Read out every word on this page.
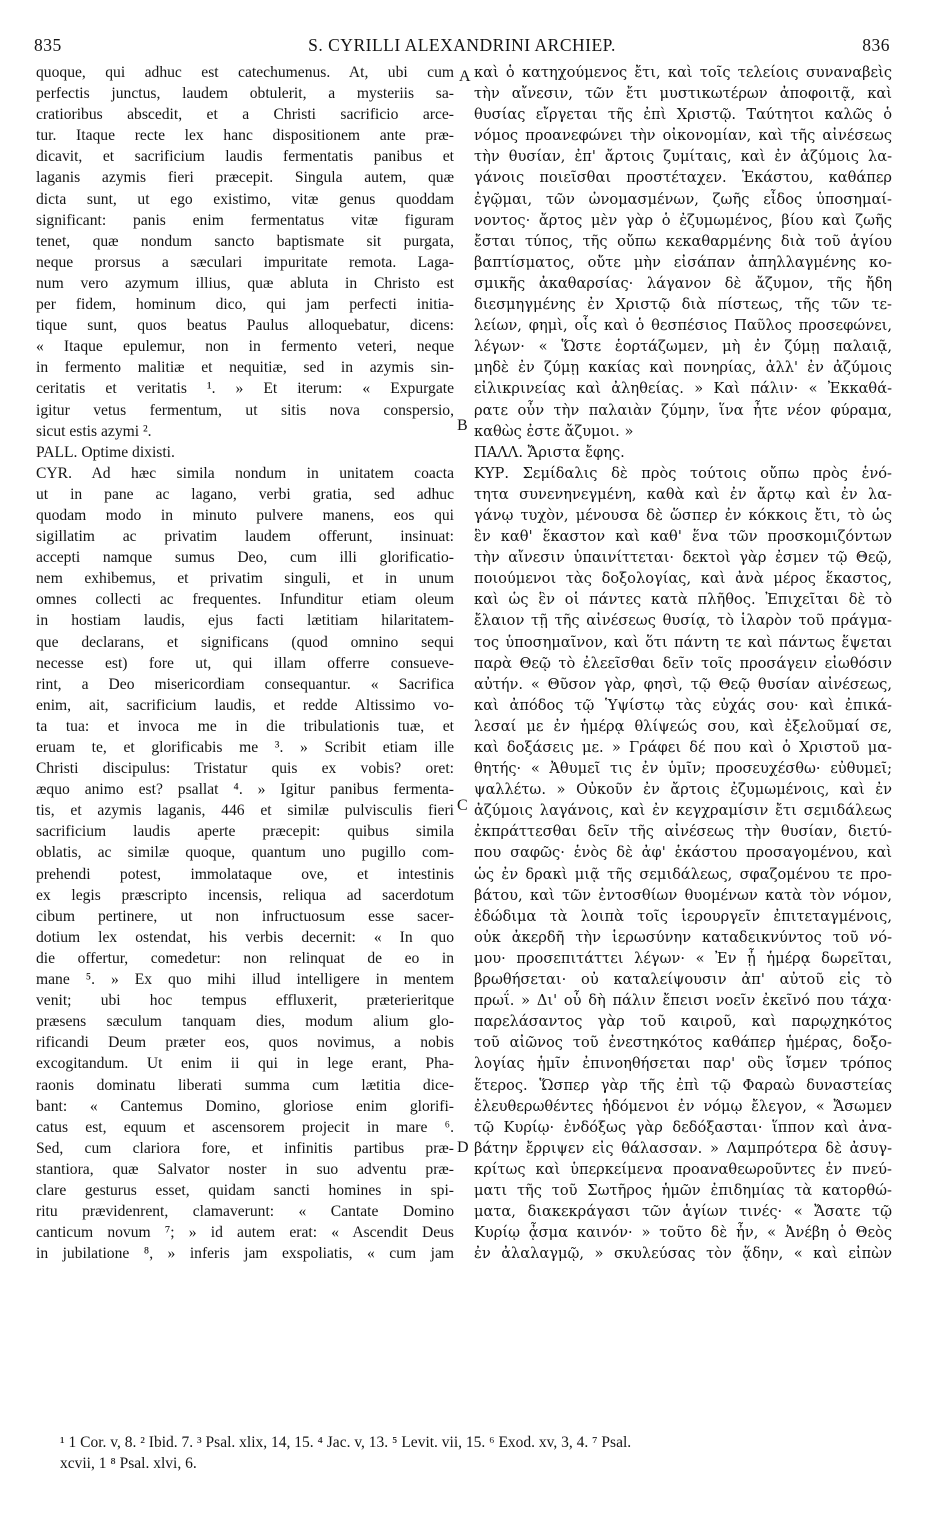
835	S. CYRILLI ALEXANDRINI ARCHIEP.	836

quoque, qui adhuc est catechumenus. At, ubi cum

perfectis junctus, laudem obtulerit, a mysteriis sa-

cratioribus abscedit, et a Christi sacrificio arce-

tur. Itaque recte lex hanc dispositionem ante præ-

dicavit, et sacrificium laudis fermentatis panibus et

laganis azymis fieri præcepit. Singula autem, quæ

dicta sunt, ut ego existimo, vitæ genus quoddam

significant: panis enim fermentatus vitæ figuram

tenet, quæ nondum sancto baptismate sit purgata,

neque prorsus a sæculari impuritate remota. Laga-

num vero azymum illius, quæ abluta in Christo est

per fidem, hominum dico, qui jam perfecti initia-

tique sunt, quos beatus Paulus alloquebatur, dicens:

« Itaque epulemur, non in fermento veteri, neque

in fermento malitiæ et nequitiæ, sed in azymis sin-

ceritatis et veritatis ¹. » Et iterum: « Expurgate

igitur vetus fermentum, ut sitis nova conspersio,

sicut estis azymi ².

PALL. Optime dixisti.

CYR. Ad hæc simila nondum in unitatem coacta

ut in pane ac lagano, verbi gratia, sed adhuc

quodam modo in minuto pulvere manens, eos qui

sigillatim ac privatim laudem offerunt, insinuat:

accepti namque sumus Deo, cum illi glorificatio-

nem exhibemus, et privatim singuli, et in unum

omnes collecti ac frequentes. Infunditur etiam oleum

in hostiam laudis, ejus facti lætitiam hilaritatem-

que declarans, et significans (quod omnino sequi

necesse est) fore ut, qui illam offerre consueve-

rint, a Deo misericordiam consequantur. « Sacrifica

enim, ait, sacrificium laudis, et redde Altissimo vo-

ta tua: et invoca me in die tribulationis tuæ, et

eruam te, et glorificabis me ³. » Scribit etiam ille

Christi discipulus: Tristatur quis ex vobis? oret:

æquo animo est? psallat ⁴. » Igitur panibus fermenta-

tis, et azymis laganis, 446 et similæ pulvisculis fieri

sacrificium laudis aperte præcepit: quibus simila

oblatis, ac similæ quoque, quantum uno pugillo com-

prehendi potest, immolataque ove, et intestinis

ex legis præscripto incensis, reliqua ad sacerdotum

cibum pertinere, ut non infructuosum esse sacer-

dotium lex ostendat, his verbis decernit: « In quo

die offertur, comedetur: non relinquat de eo in

mane ⁵. » Ex quo mihi illud intelligere in mentem

venit; ubi hoc tempus effluxerit, præterieritque

præsens sæculum tanquam dies, modum alium glo-

rificandi Deum præter eos, quos novimus, a nobis

excogitandum. Ut enim ii qui in lege erant, Pha-

raonis dominatu liberati summa cum lætitia dice-

bant: « Cantemus Domino, gloriose enim glorifi-

catus est, equum et ascensorem projecit in mare ⁶.

Sed, cum clariora fore, et infinitis partibus præ-

stantiora, quæ Salvator noster in suo adventu præ-

clare gesturus esset, quidam sancti homines in spi-

ritu prævidenrent, clamaverunt: « Cantate Domino

canticum novum ⁷; » id autem erat: « Ascendit Deus

in jubilatione ⁸, » inferis jam exspoliatis, « cum jam

καὶ ὁ κατηχούμενος ἔτι, καὶ τοῖς τελείοις συναναβεὶς

τὴν αἴνεσιν, τῶν ἔτι μυστικωτέρων ἀποφοιτᾷ, καὶ

θυσίας εἴργεται τῆς ἐπὶ Χριστῷ. Ταύτητοι καλῶς ὁ

νόμος προανεφώνει τὴν οἰκονομίαν, καὶ τῆς αἰνέσεως

τὴν θυσίαν, ἐπ' ἄρτοις ζυμίταις, καὶ ἐν ἀζύμοις λα-

γάνοις ποιεῖσθαι προστέταχεν. Ἑκάστου, καθάπερ

ἐγῷμαι, τῶν ὠνομασμένων, ζωῆς εἶδος ὑποσημαί-

νοντος· ἄρτος μὲν γὰρ ὁ ἐζυμωμένος, βίου καὶ ζωῆς

ἔσται τύπος, τῆς οὔπω κεκαθαρμένης διὰ τοῦ ἁγίου

βαπτίσματος, οὔτε μὴν εἰσάπαν ἀπηλλαγμένης κο-

σμικῆς ἀκαθαρσίας· λάγανον δὲ ἄζυμον, τῆς ἤδη

διεσμηγμένης ἐν Χριστῷ διὰ πίστεως, τῆς τῶν τε-

λείων, φημὶ, οἷς καὶ ὁ θεσπέσιος Παῦλος προσεφώνει,

λέγων· « Ὥστε ἑορτάζωμεν, μὴ ἐν ζύμῃ παλαιᾷ,

μηδὲ ἐν ζύμῃ κακίας καὶ πονηρίας, ἀλλ' ἐν ἀζύμοις

εἰλικρινείας καὶ ἀληθείας. » Καὶ πάλιν· « Ἐκκαθά-

ρατε οὖν τὴν παλαιὰν ζύμην, ἵνα ἦτε νέον φύραμα,

καθὼς ἐστε ἄζυμοι. »

ΠΑΛΛ. Ἄριστα ἔφης.

ΚΥΡ. Σεμίδαλις δὲ πρὸς τούτοις οὔπω πρὸς ἑνό-

τητα συνενηνεγμένη, καθὰ καὶ ἐν ἄρτῳ καὶ ἐν λα-

γάνῳ τυχὸν, μένουσα δὲ ὥσπερ ἐν κόκκοις ἔτι, τὸ ὡς

ἓν καθ' ἕκαστον καὶ καθ' ἕνα τῶν προσκομιζόντων

τὴν αἴνεσιν ὑπαινίττεται· δεκτοὶ γὰρ ἐσμεν τῷ Θεῷ,

ποιούμενοι τὰς δοξολογίας, καὶ ἀνὰ μέρος ἕκαστος,

καὶ ὡς ἓν οἱ πάντες κατὰ πλῆθος. Ἐπιχεῖται δὲ τὸ

ἔλαιον τῇ τῆς αἰνέσεως θυσίᾳ, τὸ ἱλαρὸν τοῦ πράγμα-

τος ὑποσημαῖνον, καὶ ὅτι πάντη τε καὶ πάντως ἕψεται

παρὰ Θεῷ τὸ ἐλεεῖσθαι δεῖν τοῖς προσάγειν εἰωθόσιν

αὐτήν. « Θῦσον γὰρ, φησὶ, τῷ Θεῷ θυσίαν αἰνέσεως,

καὶ ἀπόδος τῷ Ὑψίστῳ τὰς εὐχάς σου· καὶ ἐπικά-

λεσαί με ἐν ἡμέρᾳ θλίψεώς σου, καὶ ἐξελοῦμαί σε,

καὶ δοξάσεις με. » Γράφει δέ που καὶ ὁ Χριστοῦ μα-

θητής· « Ἀθυμεῖ τις ἐν ὑμῖν; προσευχέσθω· εὐθυμεῖ;

ψαλλέτω. » Οὐκοῦν ἐν ἄρτοις ἐζυμωμένοις, καὶ ἐν

ἀζύμοις λαγάνοις, καὶ ἐν κεγχραμίσιν ἔτι σεμιδάλεως

ἐκπράττεσθαι δεῖν τῆς αἰνέσεως τὴν θυσίαν, διετύ-

που σαφῶς· ἑνὸς δὲ ἀφ' ἑκάστου προσαγομένου, καὶ

ὡς ἐν δρακὶ μιᾷ τῆς σεμιδάλεως, σφαζομένου τε προ-

βάτου, καὶ τῶν ἐντοσθίων θυομένων κατὰ τὸν νόμον,

ἐδώδιμα τὰ λοιπὰ τοῖς ἱερουργεῖν ἐπιτεταγμένοις,

οὐκ ἀκερδῆ τὴν ἱερωσύνην καταδεικνύντος τοῦ νό-

μου· προσεπιτάττει λέγων· « Ἐν ᾗ ἡμέρᾳ δωρεῖται,

βρωθήσεται· οὐ καταλείψουσιν ἀπ' αὐτοῦ εἰς τὸ

πρωΐ. » Δι' οὗ δὴ πάλιν ἔπεισι νοεῖν ἐκεῖνό που τάχα·

παρελάσαντος γὰρ τοῦ καιροῦ, καὶ παρῳχηκότος

τοῦ αἰῶνος τοῦ ἐνεστηκότος καθάπερ ἡμέρας, δοξο-

λογίας ἡμῖν ἐπινοηθήσεται παρ' οὓς ἴσμεν τρόπος

ἕτερος. Ὥσπερ γὰρ τῆς ἐπὶ τῷ Φαραὼ δυναστείας

ἐλευθερωθέντες ἡδόμενοι ἐν νόμῳ ἔλεγον, « Ἄσωμεν

τῷ Κυρίῳ· ἐνδόξως γὰρ δεδόξασται· ἵππον καὶ ἀνα-

βάτην ἔρριψεν εἰς θάλασσαν. » Λαμπρότερα δὲ ἀσυγ-

κρίτως καὶ ὑπερκείμενα προαναθεωροῦντες ἐν πνεύ-

ματι τῆς τοῦ Σωτῆρος ἡμῶν ἐπιδημίας τὰ κατορθώ-

ματα, διακεκράγασι τῶν ἁγίων τινές· « Ἄσατε τῷ

Κυρίῳ ᾆσμα καινόν· » τοῦτο δὲ ἦν, « Ἀνέβη ὁ Θεὸς

ἐν ἀλαλαγμῷ, » σκυλεύσας τὸν ᾅδην, « καὶ εἰπὼν

A
B
C
D

¹ 1 Cor. v, 8. ² Ibid. 7. ³ Psal. xlix, 14, 15. ⁴ Jac. v, 13. ⁵ Levit. vii, 15. ⁶ Exod. xv, 3, 4. ⁷ Psal.

xcvii, 1 ⁸ Psal. xlvi, 6.
